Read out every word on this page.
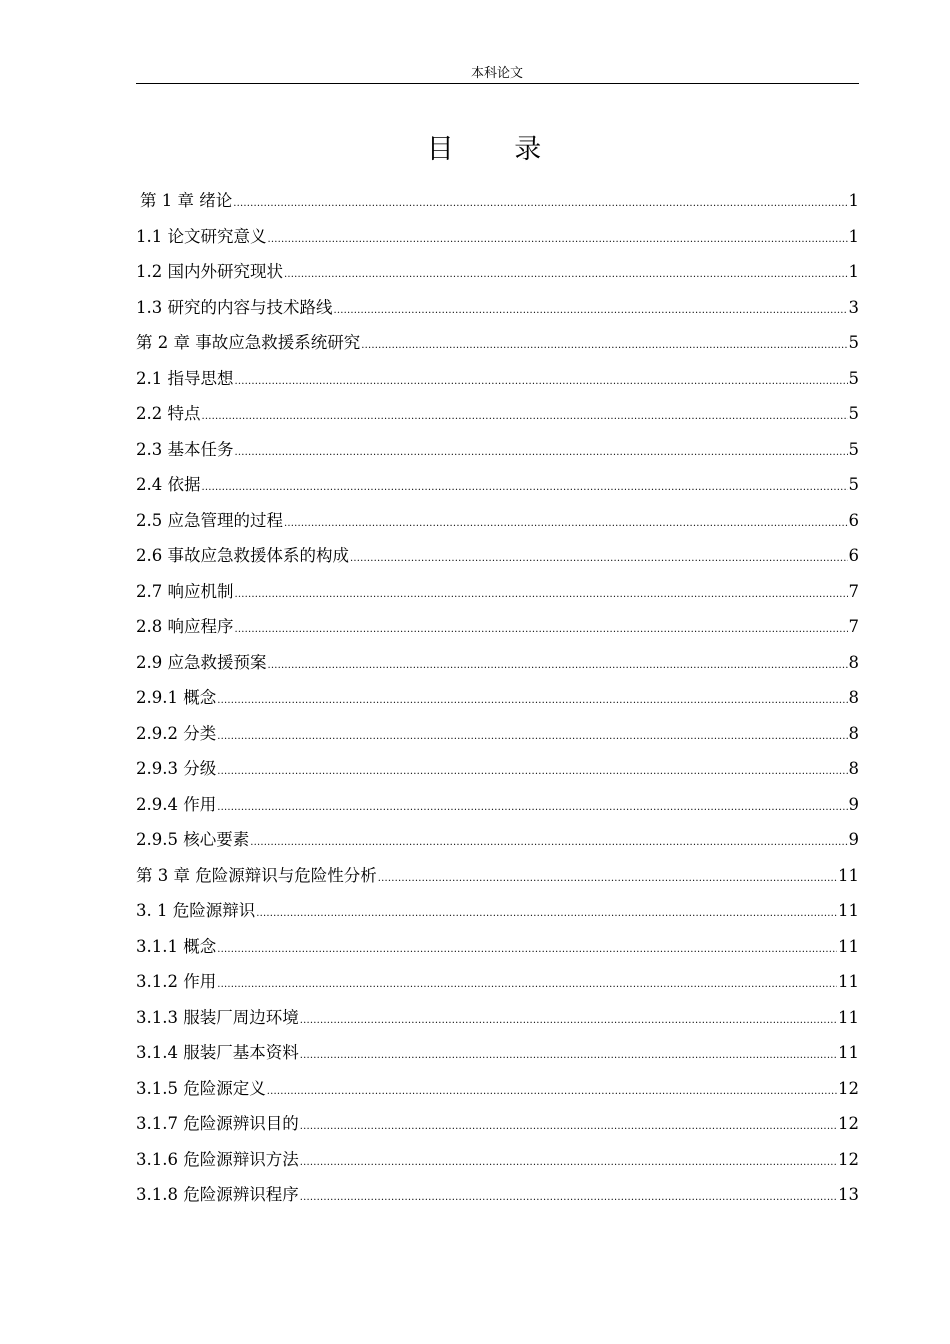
本科论文
目 录
第 1 章 绪论 .....	1
1.1 论文研究意义 .....	1
1.2 国内外研究现状 .....	1
1.3 研究的内容与技术路线 .....	3
第 2 章 事故应急救援系统研究 .....	5
2.1 指导思想 .....	5
2.2 特点 .....	5
2.3 基本任务 .....	5
2.4 依据 .....	5
2.5 应急管理的过程 .....	6
2.6 事故应急救援体系的构成 .....	6
2.7 响应机制 .....	7
2.8 响应程序 .....	7
2.9 应急救援预案 .....	8
2.9.1 概念 .....	8
2.9.2 分类 .....	8
2.9.3 分级 .....	8
2.9.4 作用 .....	9
2.9.5 核心要素 .....	9
第 3 章 危险源辩识与危险性分析 .....	11
3. 1 危险源辩识 .....	11
3.1.1 概念 .....	11
3.1.2 作用 .....	11
3.1.3 服装厂周边环境 .....	11
3.1.4 服装厂基本资料 .....	11
3.1.5 危险源定义 .....	12
3.1.7 危险源辨识目的 .....	12
3.1.6 危险源辩识方法 .....	12
3.1.8 危险源辨识程序 .....	13
